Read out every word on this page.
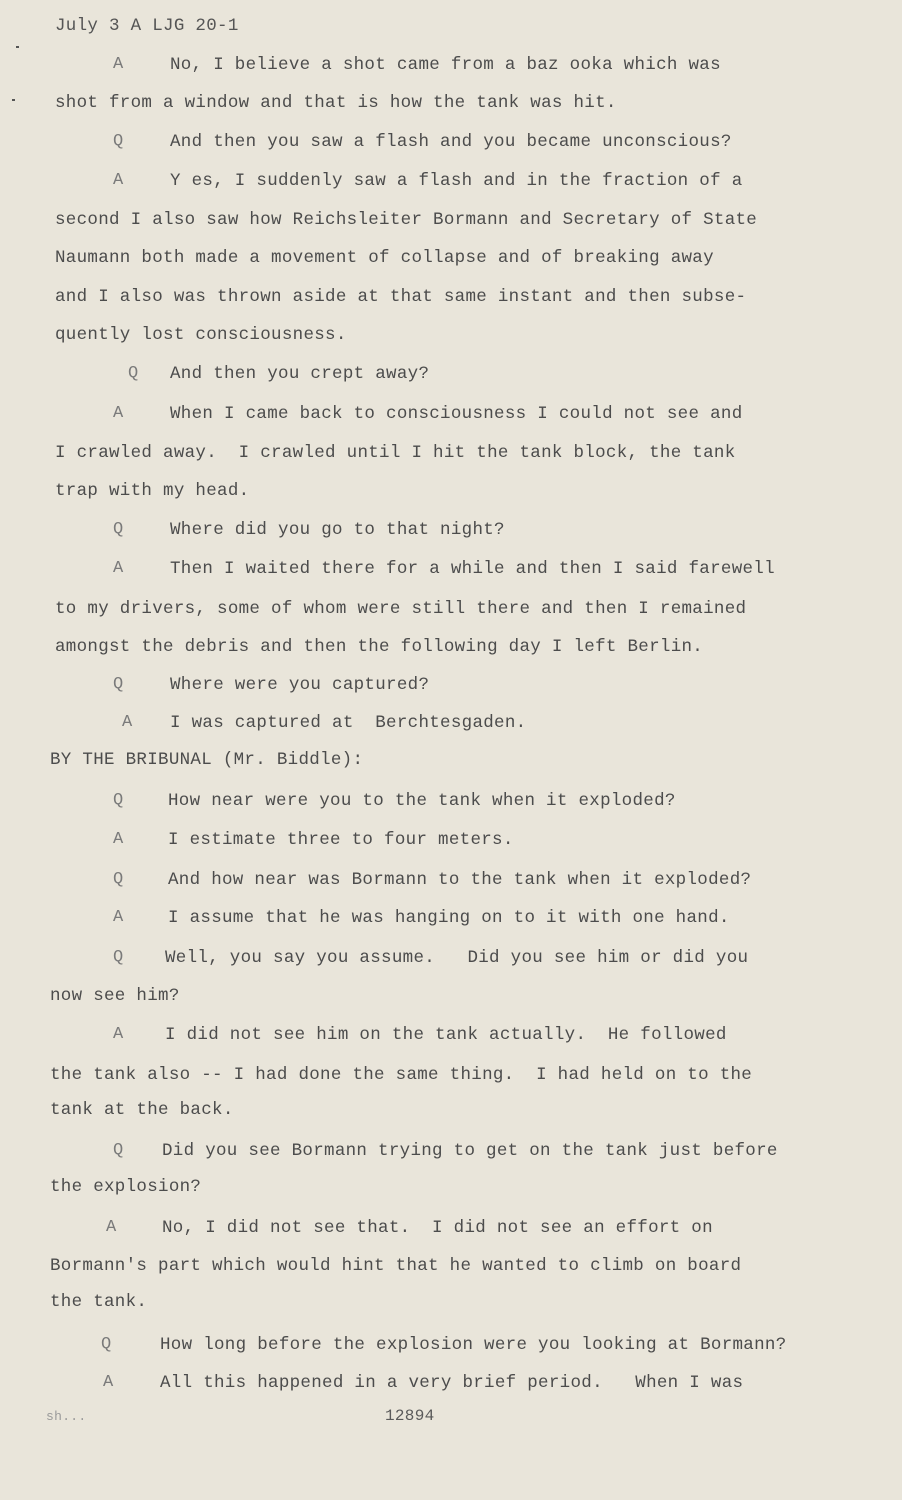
July 3 A LJG 20-1
A	No, I believe a shot came from a baz ooka which was
shot from a window and that is how the tank was hit.
Q	And then you saw a flash and you became unconscious?
A	Y es, I suddenly saw a flash and in the fraction of a
second I also saw how Reichsleiter Bormann and Secretary of State
Naumann both made a movement of collapse and of breaking away
and I also was thrown aside at that same instant and then subse-
quently lost consciousness.
Q And then you crept away?
A	When I came back to consciousness I could not see and
I crawled away.  I crawled until I hit the tank block, the tank
trap with my head.
Q	Where did you go to that night?
A	Then I waited there for a while and then I said farewell
to my drivers, some of whom were still there and then I remained
amongst the debris and then the following day I left Berlin.
Q	Where were you captured?
A I was captured at  Berchtesgaden.
BY THE BRIBUNAL (Mr. Biddle):
Q	How near were you to the tank when it exploded?
A	I estimate three to four meters.
Q	And how near was Bormann to the tank when it exploded?
A	I assume that he was hanging on to it with one hand.
Q Well, you say you assume.   Did you see him or did you
now see him?
A I did not see him on the tank actually.  He followed
the tank also -- I had done the same thing.  I had held on to the
tank at the back.
Q Did you see Bormann trying to get on the tank just before
the explosion?
A	No, I did not see that.  I did not see an effort on
Bormann's part which would hint that he wanted to climb on board
the tank.
Q	How long before the explosion were you looking at Bormann?
A	All this happened in a very brief period.   When I was
sh...	12894
